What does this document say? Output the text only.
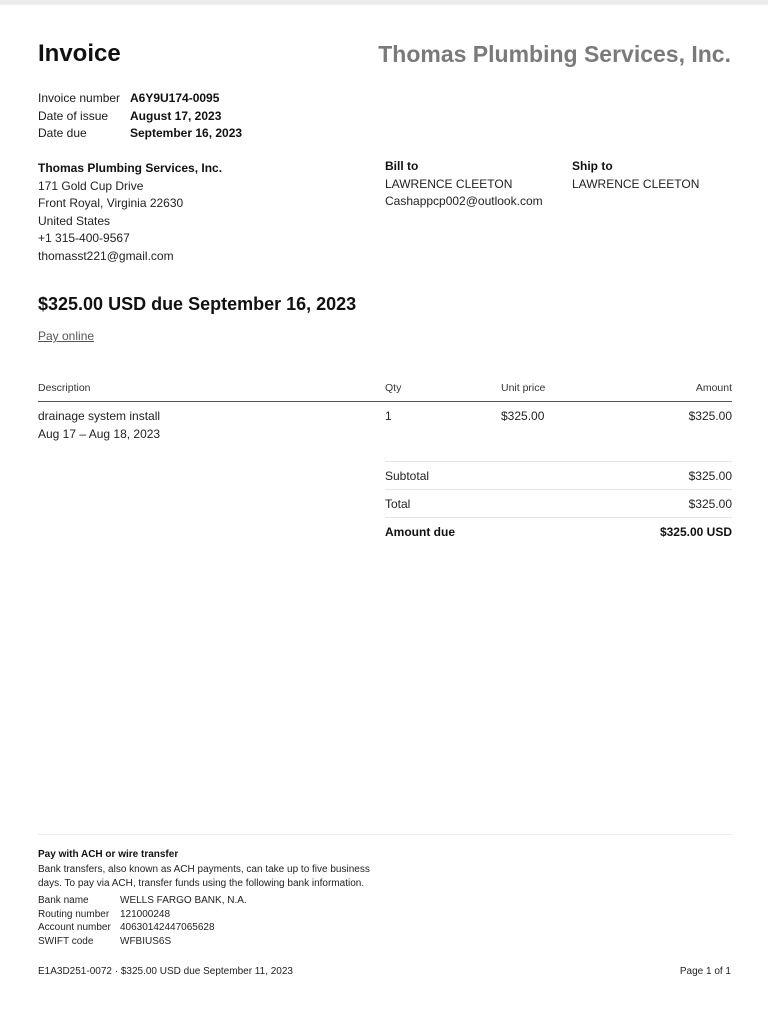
Invoice	Thomas Plumbing Services, Inc.
Invoice number A6Y9U174-0095
Date of issue	August 17, 2023
Date due	September 16, 2023
Thomas Plumbing Services, Inc.
171 Gold Cup Drive
Front Royal, Virginia 22630
United States
+1 315-400-9567
thomasst221@gmail.com
Bill to
LAWRENCE CLEETON
Cashappcp002@outlook.com
Ship to
LAWRENCE CLEETON
$325.00 USD due September 16, 2023
Pay online
Description	Qty	Unit price	Amount
drainage system install
Aug 17 – Aug 18, 2023
1	$325.00	$325.00
Subtotal	$325.00
Total	$325.00
Amount due	$325.00 USD
Pay with ACH or wire transfer
Bank transfers, also known as ACH payments, can take up to five business days. To pay via ACH, transfer funds using the following bank information.
Bank name	WELLS FARGO BANK, N.A.
Routing number	121000248
Account number 40630142447065628
SWIFT code	WFBIUS6S
E1A3D251-0072 · $325.00 USD due September 11, 2023	Page 1 of 1
